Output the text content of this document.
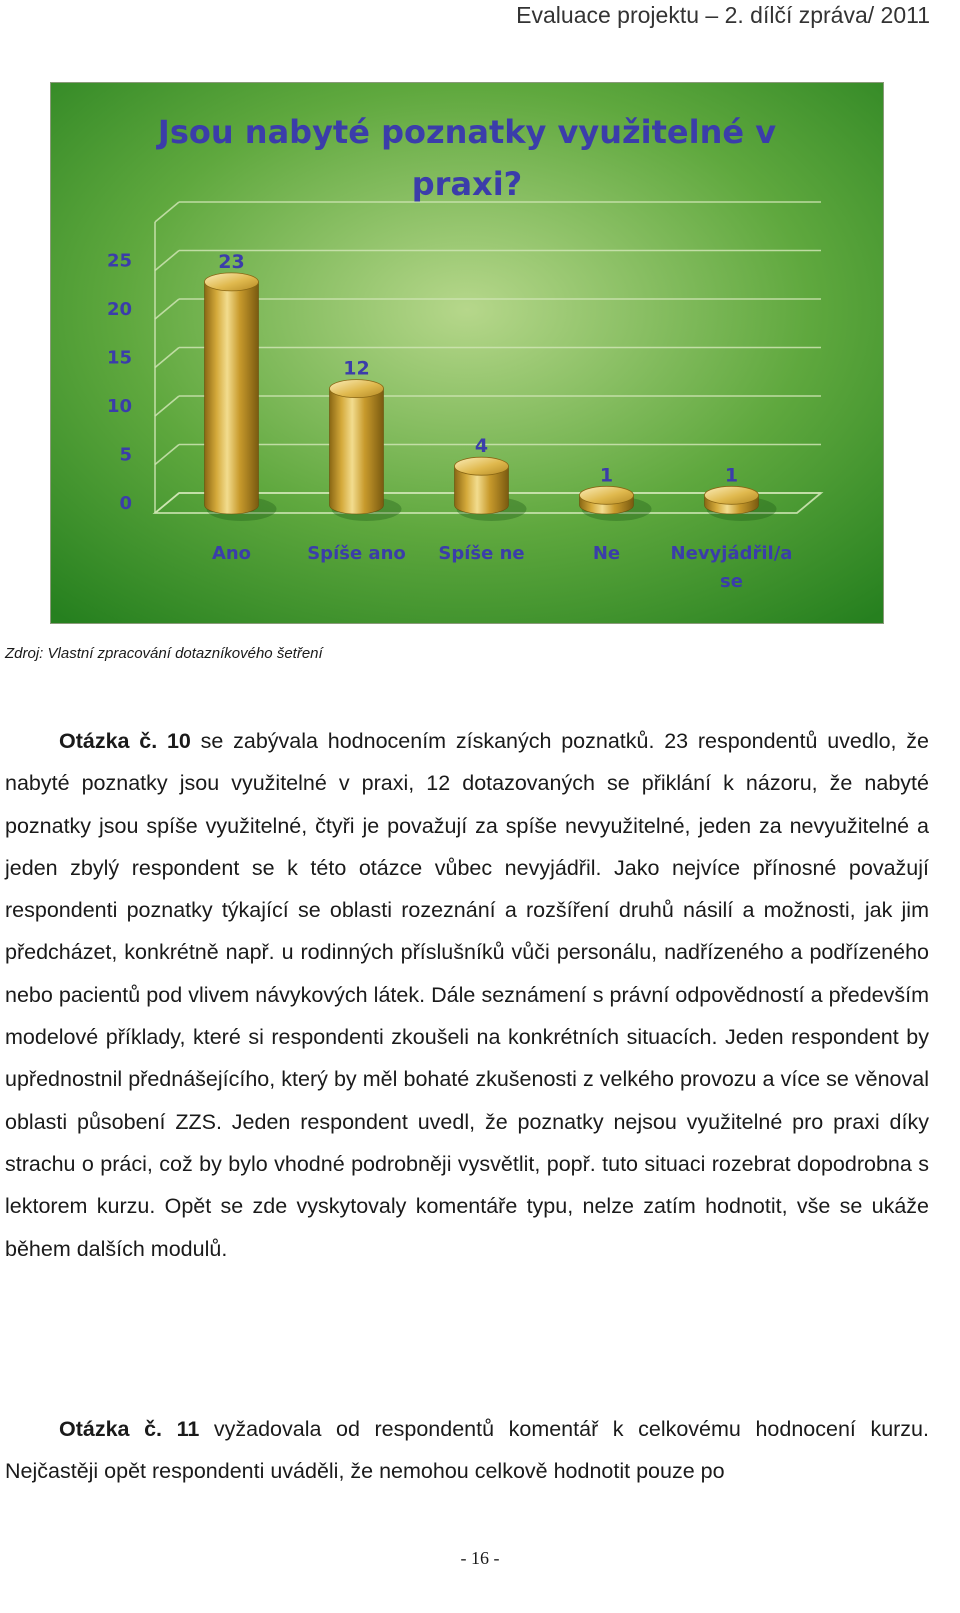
Evaluace projektu – 2. dílčí zpráva/ 2011
Jsou nabyté poznatky využitelné v
praxi?
0
5
10
15
20
25	23
12
4
1	1
Ano	Spíše ano Spíše ne	Ne	Nevyjádřil/a
se
Zdroj: Vlastní zpracování dotazníkového šetření

Otázka č. 10 se zabývala hodnocením získaných poznatků. 23 respondentů uvedlo, že nabyté poznatky jsou využitelné v praxi, 12 dotazovaných se přiklání k názoru, že nabyté poznatky jsou spíše využitelné, čtyři je považují za spíše nevyužitelné, jeden za nevyužitelné a jeden zbylý respondent se k této otázce vůbec nevyjádřil. Jako nejvíce přínosné považují respondenti poznatky týkající se oblasti rozeznání a rozšíření druhů násilí a možnosti, jak jim předcházet, konkrétně např. u rodinných příslušníků vůči personálu, nadřízeného a podřízeného nebo pacientů pod vlivem návykových látek. Dále seznámení s právní odpovědností a především modelové příklady, které si respondenti zkoušeli na konkrétních situacích. Jeden respondent by upřednostnil přednášejícího, který by měl bohaté zkušenosti z velkého provozu a více se věnoval oblasti působení ZZS. Jeden respondent uvedl, že poznatky nejsou využitelné pro praxi díky strachu o práci, což by bylo vhodné podrobněji vysvětlit, popř. tuto situaci rozebrat dopodrobna s lektorem kurzu. Opět se zde vyskytovaly komentáře typu, nelze zatím hodnotit, vše se ukáže během dalších modulů.

Otázka č. 11 vyžadovala od respondentů komentář k celkovému hodnocení kurzu. Nejčastěji opět respondenti uváděli, že nemohou celkově hodnotit pouze po

- 16 -
